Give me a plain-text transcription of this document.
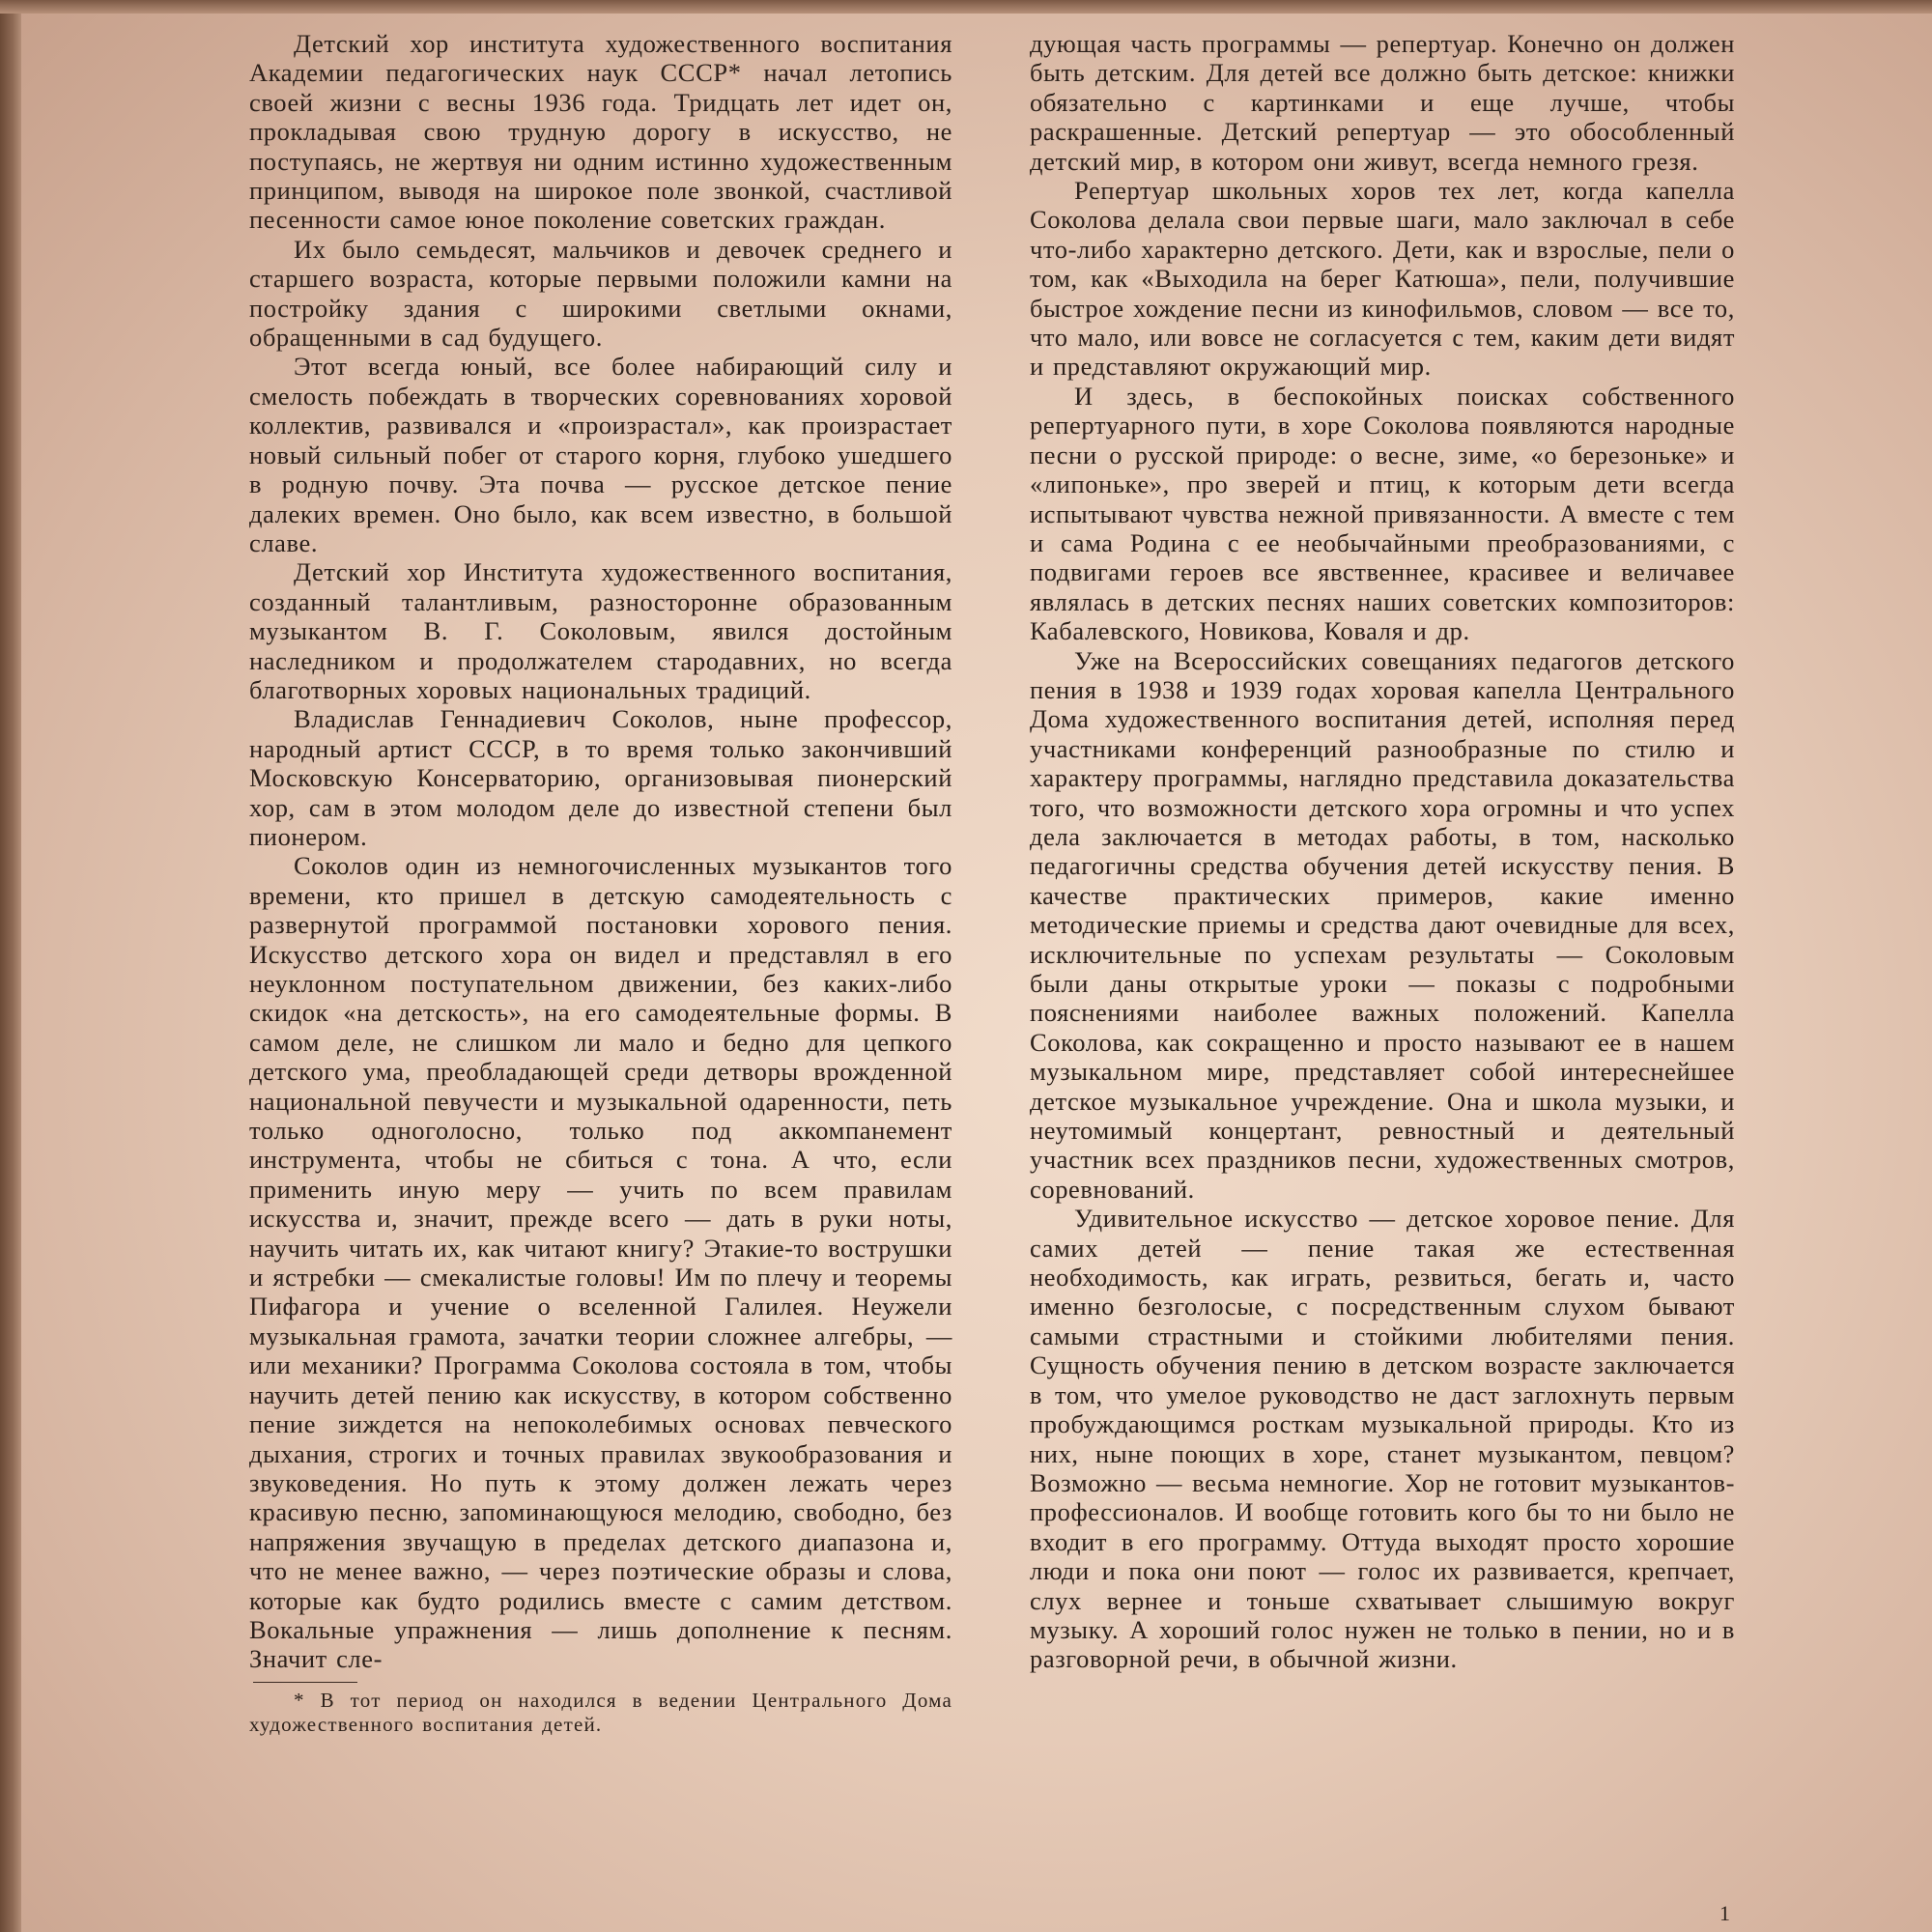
Детский хор института художественного воспитания Академии педагогических наук СССР* начал летопись своей жизни с весны 1936 года. Тридцать лет идет он, прокладывая свою трудную дорогу в искусство, не поступаясь, не жертвуя ни одним истинно художественным принципом, выводя на широкое поле звонкой, счастливой песенности самое юное поколение советских граждан.

Их было семьдесят, мальчиков и девочек среднего и старшего возраста, которые первыми положили камни на постройку здания с широкими светлыми окнами, обращенными в сад будущего.

Этот всегда юный, все более набирающий силу и смелость побеждать в творческих соревнованиях хоровой коллектив, развивался и «произрастал», как произрастает новый сильный побег от старого корня, глубоко ушедшего в родную почву. Эта почва — русское детское пение далеких времен. Оно было, как всем известно, в большой славе.

Детский хор Института художественного воспитания, созданный талантливым, разносторонне образованным музыкантом В. Г. Соколовым, явился достойным наследником и продолжателем стародавних, но всегда благотворных хоровых национальных традиций.

Владислав Геннадиевич Соколов, ныне профессор, народный артист СССР, в то время только закончивший Московскую Консерваторию, организовывая пионерский хор, сам в этом молодом деле до известной степени был пионером.

Соколов один из немногочисленных музыкантов того времени, кто пришел в детскую самодеятельность с развернутой программой постановки хорового пения. Искусство детского хора он видел и представлял в его неуклонном поступательном движении, без каких-либо скидок «на детскость», на его самодеятельные формы. В самом деле, не слишком ли мало и бедно для цепкого детского ума, преобладающей среди детворы врожденной национальной певучести и музыкальной одаренности, петь только одноголосно, только под аккомпанемент инструмента, чтобы не сбиться с тона. А что, если применить иную меру — учить по всем правилам искусства и, значит, прежде всего — дать в руки ноты, научить читать их, как читают книгу? Этакие-то вострушки и ястребки — смекалистые головы! Им по плечу и теоремы Пифагора и учение о вселенной Галилея. Неужели музыкальная грамота, зачатки теории сложнее алгебры, — или механики? Программа Соколова состояла в том, чтобы научить детей пению как искусству, в котором собственно пение зиждется на непоколебимых основах певческого дыхания, строгих и точных правилах звукообразования и звуковедения. Но путь к этому должен лежать через красивую песню, запоминающуюся мелодию, свободно, без напряжения звучащую в пределах детского диапазона и, что не менее важно, — через поэтические образы и слова, которые как будто родились вместе с самим детством. Вокальные упражнения — лишь дополнение к песням. Значит сле-

* В тот период он находился в ведении Центрального Дома художественного воспитания детей.

дующая часть программы — репертуар. Конечно он должен быть детским. Для детей все должно быть детское: книжки обязательно с картинками и еще лучше, чтобы раскрашенные. Детский репертуар — это обособленный детский мир, в котором они живут, всегда немного грезя.

Репертуар школьных хоров тех лет, когда капелла Соколова делала свои первые шаги, мало заключал в себе что-либо характерно детского. Дети, как и взрослые, пели о том, как «Выходила на берег Катюша», пели, получившие быстрое хождение песни из кинофильмов, словом — все то, что мало, или вовсе не согласуется с тем, каким дети видят и представляют окружающий мир.

И здесь, в беспокойных поисках собственного репертуарного пути, в хоре Соколова появляются народные песни о русской природе: о весне, зиме, «о березоньке» и «липоньке», про зверей и птиц, к которым дети всегда испытывают чувства нежной привязанности. А вместе с тем и сама Родина с ее необычайными преобразованиями, с подвигами героев все явственнее, красивее и величавее являлась в детских песнях наших советских композиторов: Кабалевского, Новикова, Коваля и др.

Уже на Всероссийских совещаниях педагогов детского пения в 1938 и 1939 годах хоровая капелла Центрального Дома художественного воспитания детей, исполняя перед участниками конференций разнообразные по стилю и характеру программы, наглядно представила доказательства того, что возможности детского хора огромны и что успех дела заключается в методах работы, в том, насколько педагогичны средства обучения детей искусству пения. В качестве практических примеров, какие именно методические приемы и средства дают очевидные для всех, исключительные по успехам результаты — Соколовым были даны открытые уроки — показы с подробными пояснениями наиболее важных положений. Капелла Соколова, как сокращенно и просто называют ее в нашем музыкальном мире, представляет собой интереснейшее детское музыкальное учреждение. Она и школа музыки, и неутомимый концертант, ревностный и деятельный участник всех праздников песни, художественных смотров, соревнований.

Удивительное искусство — детское хоровое пение. Для самих детей — пение такая же естественная необходимость, как играть, резвиться, бегать и, часто именно безголосые, с посредственным слухом бывают самыми страстными и стойкими любителями пения. Сущность обучения пению в детском возрасте заключается в том, что умелое руководство не даст заглохнуть первым пробуждающимся росткам музыкальной природы. Кто из них, ныне поющих в хоре, станет музыкантом, певцом? Возможно — весьма немногие. Хор не готовит музыкантов-профессионалов. И вообще готовить кого бы то ни было не входит в его программу. Оттуда выходят просто хорошие люди и пока они поют — голос их развивается, крепчает, слух вернее и тоньше схватывает слышимую вокруг музыку. А хороший голос нужен не только в пении, но и в разговорной речи, в обычной жизни.

1
